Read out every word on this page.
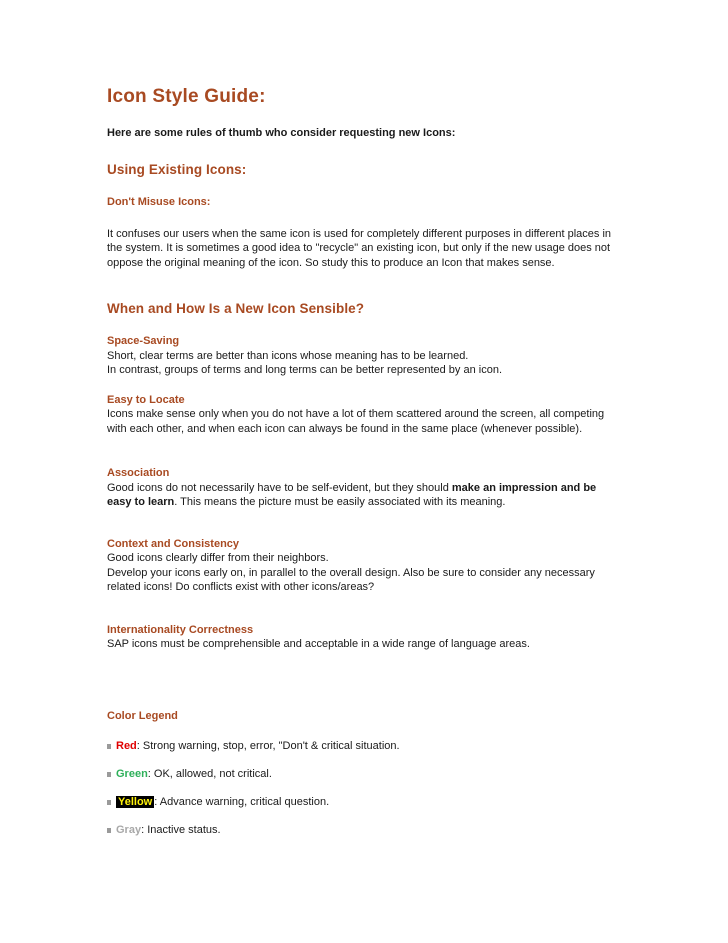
Icon Style Guide:

Here are some rules of thumb who consider requesting new Icons:

Using Existing Icons:
Don't Misuse Icons:

It confuses our users when the same icon is used for completely different purposes in different places in the system. It is sometimes a good idea to "recycle" an existing icon, but only if the new usage does not oppose the original meaning of the icon. So study this to produce an Icon that makes sense.

When and How Is a New Icon Sensible?
Space-Saving
Short, clear terms are better than icons whose meaning has to be learned.
In contrast, groups of terms and long terms can be better represented by an icon.
Easy to Locate

Icons make sense only when you do not have a lot of them scattered around the screen, all competing with each other, and when each icon can always be found in the same place (whenever possible).

Association

Good icons do not necessarily have to be self-evident, but they should make an impression and be easy to learn. This means the picture must be easily associated with its meaning.

Context and Consistency
Good icons clearly differ from their neighbors.
Develop your icons early on, in parallel to the overall design. Also be sure to consider any necessary related icons! Do conflicts exist with other icons/areas?
Internationality Correctness

SAP icons must be comprehensible and acceptable in a wide range of language areas.

Color Legend
Red: Strong warning, stop, error, "Don't & critical situation.
Green: OK, allowed, not critical.
Yellow : Advance warning, critical question.
Gray: Inactive status.
